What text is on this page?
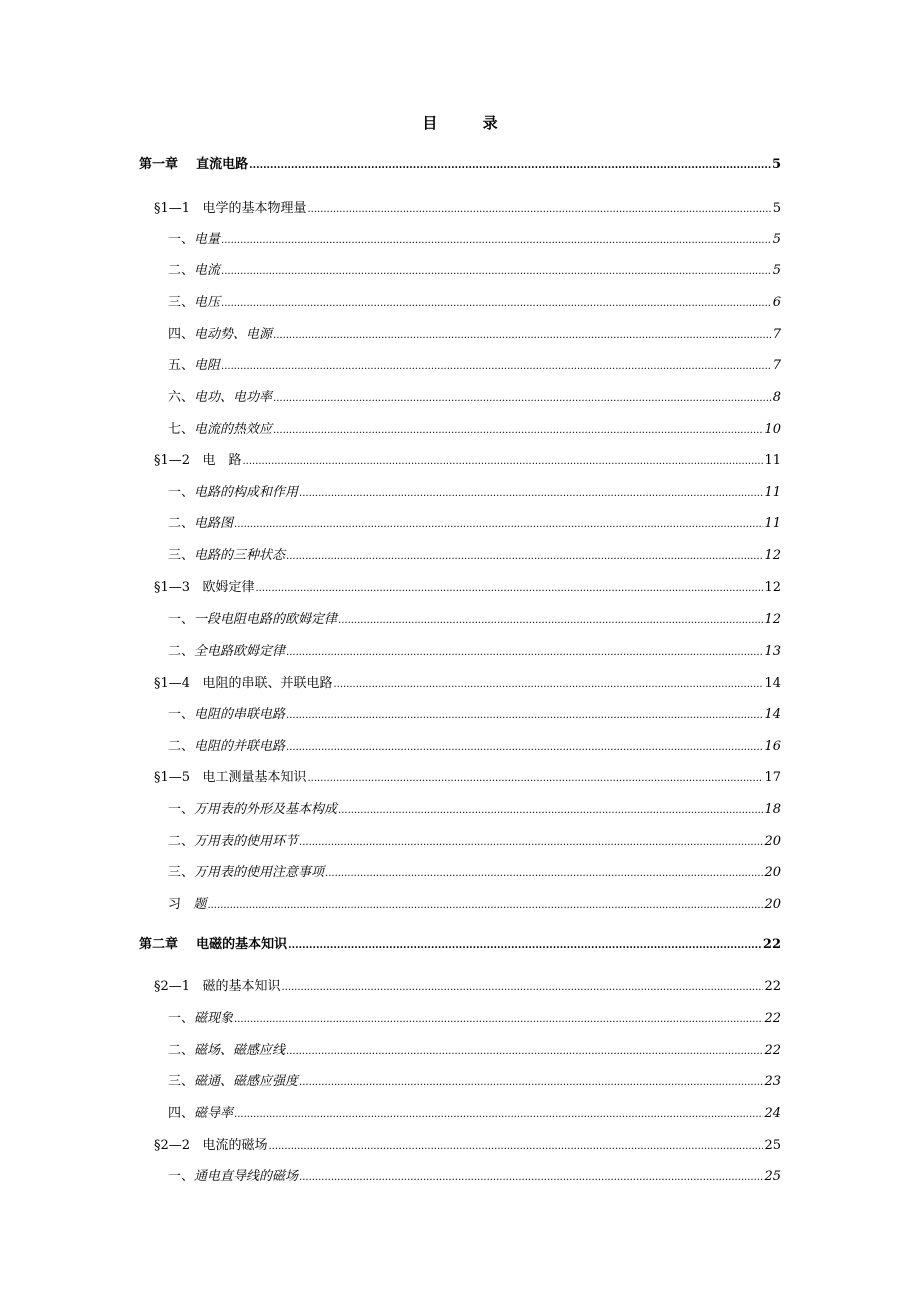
目 录
第一章 直流电路 .....	5
§1—1 电学的基本物理量 .....	5
一、电量 .....	5
二、电流 .....	5
三、电压 .....	6
四、电动势、电源 .....	7
五、电阻 .....	7
六、电功、电功率 .....	8
七、电流的热效应 .....	10
§1—2 电　路 .....	11
一、电路的构成和作用 .....	11
二、电路图 .....	11
三、电路的三种状态 .....	12
§1—3 欧姆定律 .....	12
一、一段电阻电路的欧姆定律 .....	12
二、全电路欧姆定律 .....	13
§1—4 电阻的串联、并联电路 .....	14
一、电阻的串联电路 .....	14
二、电阻的并联电路 .....	16
§1—5 电工测量基本知识 .....	17
一、万用表的外形及基本构成 .....	18
二、万用表的使用环节 .....	20
三、万用表的使用注意事项 .....	20
习 题 .....	20
第二章 电磁的基本知识 .....	22
§2—1 磁的基本知识 .....	22
一、磁现象 .....	22
二、磁场、磁感应线 .....	22
三、磁通、磁感应强度 .....	23
四、磁导率 .....	24
§2—2 电流的磁场 .....	25
一、通电直导线的磁场 .....	25
